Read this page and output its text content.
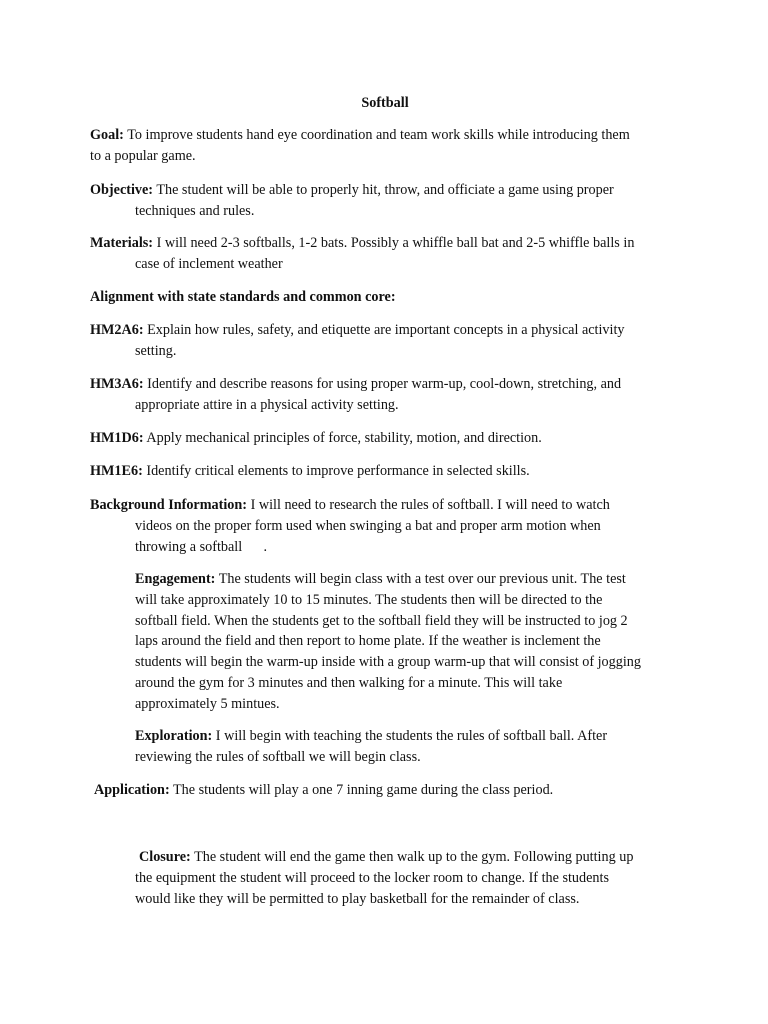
Softball
Goal: To improve students hand eye coordination and team work skills while introducing them
to a popular game.
Objective: The student will be able to properly hit, throw, and officiate a game using proper
techniques and rules.
Materials: I will need 2-3 softballs, 1-2 bats. Possibly a whiffle ball bat and 2-5 whiffle balls in
case of inclement weather
Alignment with state standards and common core:
HM2A6: Explain how rules, safety, and etiquette are important concepts in a physical activity
setting.
HM3A6: Identify and describe reasons for using proper warm-up, cool-down, stretching, and
appropriate attire in a physical activity setting.
HM1D6: Apply mechanical principles of force, stability, motion, and direction.
HM1E6: Identify critical elements to improve performance in selected skills.
Background Information: I will need to research the rules of softball. I will need to watch
videos on the proper form used when swinging a bat and proper arm motion when
throwing a softball      .
Engagement: The students will begin class with a test over our previous unit. The test
will take approximately 10 to 15 minutes. The students then will be directed to the
softball field. When the students get to the softball field they will be instructed to jog 2
laps around the field and then report to home plate. If the weather is inclement the
students will begin the warm-up inside with a group warm-up that will consist of jogging
around the gym for 3 minutes and then walking for a minute. This will take
approximately 5 mintues.
Exploration: I will begin with teaching the students the rules of softball ball. After
reviewing the rules of softball we will begin class.
Application: The students will play a one 7 inning game during the class period.
Closure: The student will end the game then walk up to the gym. Following putting up
the equipment the student will proceed to the locker room to change. If the students
would like they will be permitted to play basketball for the remainder of class.
